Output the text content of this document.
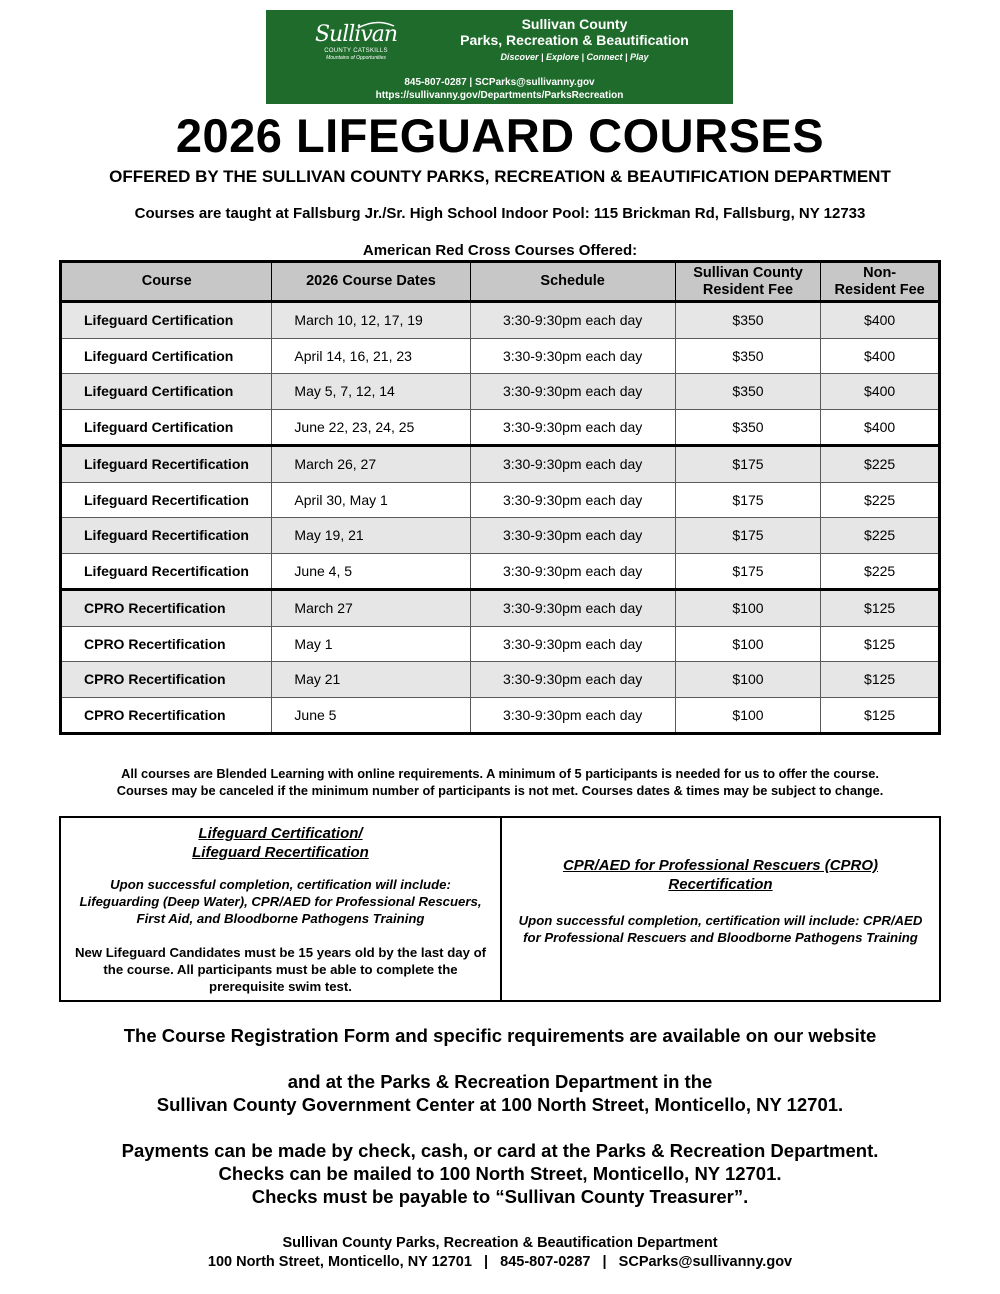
Sullivan
COUNTY CATSKILLS
Mountains of Opportunities
Sullivan County
Parks, Recreation & Beautification
Discover | Explore | Connect | Play
845-807-0287 | SCParks@sullivanny.gov
https://sullivanny.gov/Departments/ParksRecreation
2026 LIFEGUARD COURSES
OFFERED BY THE SULLIVAN COUNTY PARKS, RECREATION & BEAUTIFICATION DEPARTMENT
Courses are taught at Fallsburg Jr./Sr. High School Indoor Pool: 115 Brickman Rd, Fallsburg, NY 12733
American Red Cross Courses Offered:
Course	2026 Course Dates	Schedule	Sullivan County
Resident Fee	Non-
Resident Fee
Lifeguard Certification	March 10, 12, 17, 19	3:30-9:30pm each day	$350	$400
Lifeguard Certification	April 14, 16, 21, 23	3:30-9:30pm each day	$350	$400
Lifeguard Certification	May 5, 7, 12, 14	3:30-9:30pm each day	$350	$400
Lifeguard Certification	June 22, 23, 24, 25	3:30-9:30pm each day	$350	$400
Lifeguard Recertification	March 26, 27	3:30-9:30pm each day	$175	$225
Lifeguard Recertification	April 30, May 1	3:30-9:30pm each day	$175	$225
Lifeguard Recertification	May 19, 21	3:30-9:30pm each day	$175	$225
Lifeguard Recertification	June 4, 5	3:30-9:30pm each day	$175	$225
CPRO Recertification	March 27	3:30-9:30pm each day	$100	$125
CPRO Recertification	May 1	3:30-9:30pm each day	$100	$125
CPRO Recertification	May 21	3:30-9:30pm each day	$100	$125
CPRO Recertification	June 5	3:30-9:30pm each day	$100	$125
All courses are Blended Learning with online requirements. A minimum of 5 participants is needed for us to offer the course.
Courses may be canceled if the minimum number of participants is not met. Courses dates & times may be subject to change.
Lifeguard Certification/
Lifeguard Recertification
Upon successful completion, certification will include: Lifeguarding (Deep Water), CPR/AED for Professional Rescuers, First Aid, and Bloodborne Pathogens Training
New Lifeguard Candidates must be 15 years old by the last day of the course. All participants must be able to complete the prerequisite swim test.
CPR/AED for Professional Rescuers (CPRO)
Recertification
Upon successful completion, certification will include: CPR/AED for Professional Rescuers and Bloodborne Pathogens Training

The Course Registration Form and specific requirements are available on our website

and at the Parks & Recreation Department in the

Sullivan County Government Center at 100 North Street, Monticello, NY 12701.

Payments can be made by check, cash, or card at the Parks & Recreation Department.

Checks can be mailed to 100 North Street, Monticello, NY 12701.

Checks must be payable to “Sullivan County Treasurer”.

Sullivan County Parks, Recreation & Beautification Department
100 North Street, Monticello, NY 12701   |   845-807-0287   |   SCParks@sullivanny.gov
